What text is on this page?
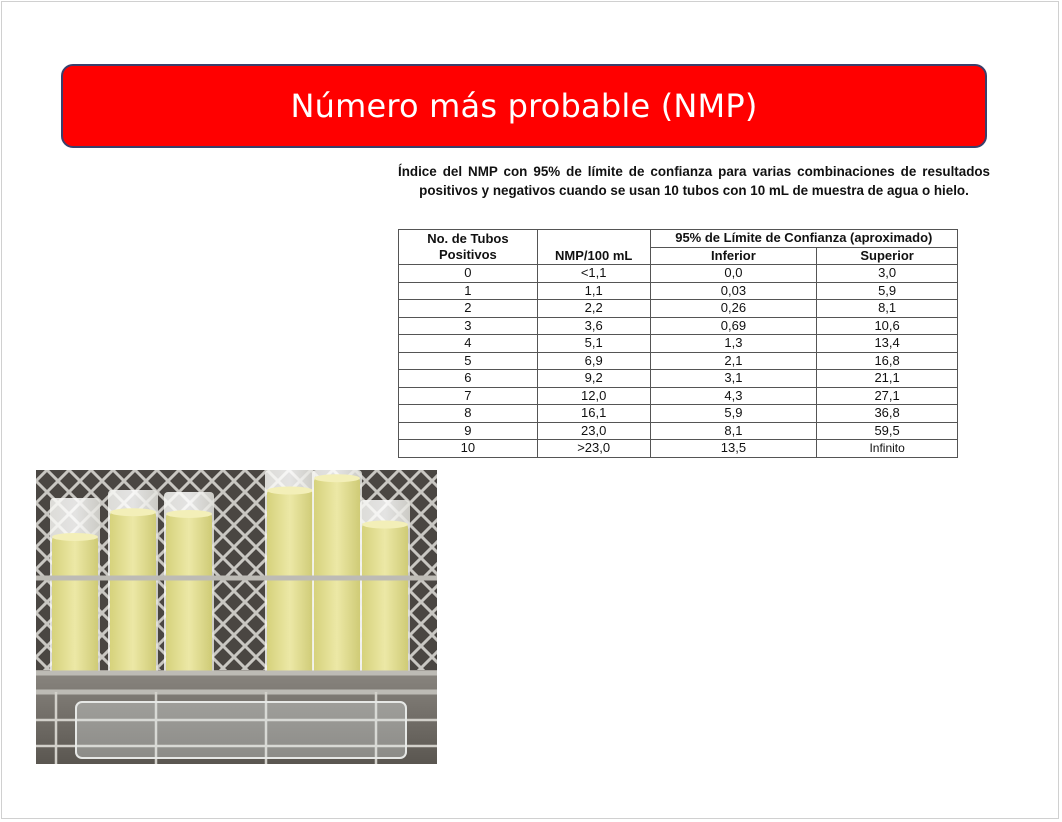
Número más probable (NMP)
Índice del NMP con 95% de límite de confianza para varias combinaciones de resultados positivos y negativos cuando se usan 10 tubos con 10 mL de muestra de agua o hielo.
No. de Tubos Positivos	NMP/100 mL	95% de Límite de Confianza (aproximado)	
		Inferior	Superior
0	<1,1	0,0	3,0
1	1,1	0,03	5,9
2	2,2	0,26	8,1
3	3,6	0,69	10,6
4	5,1	1,3	13,4
5	6,9	2,1	16,8
6	9,2	3,1	21,1
7	12,0	4,3	27,1
8	16,1	5,9	36,8
9	23,0	8,1	59,5
10	>23,0	13,5	Infinito
